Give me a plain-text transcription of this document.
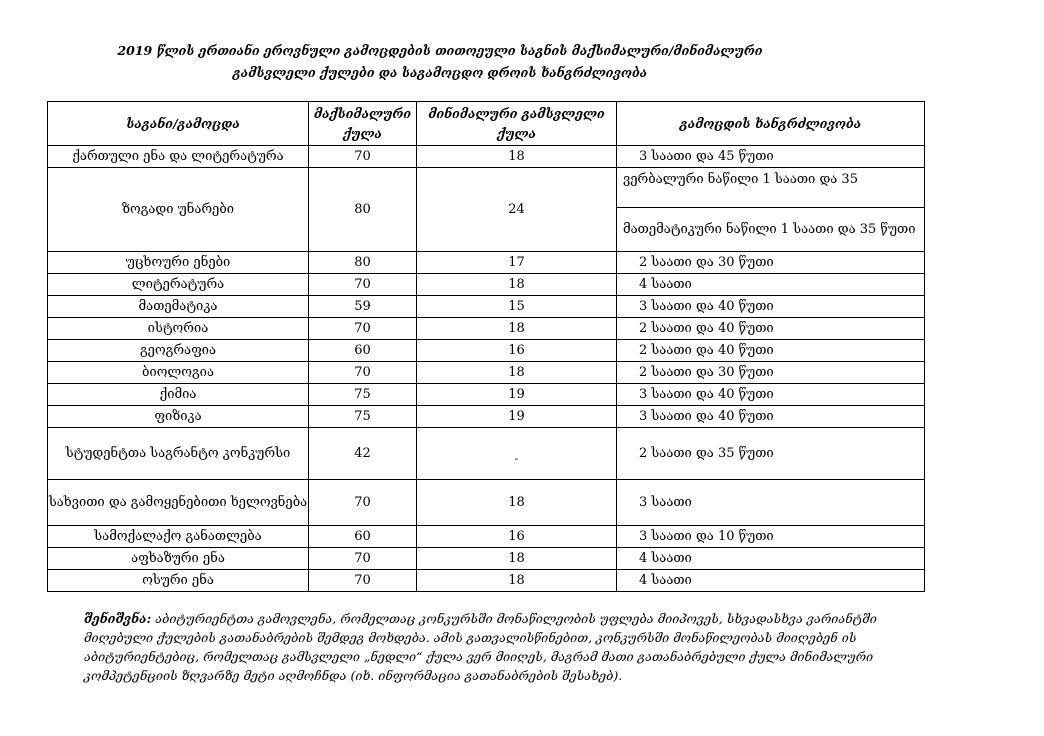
2019 წლის ერთიანი ეროვნული გამოცდების თითოეული საგნის მაქსიმალური/მინიმალური
გამსვლელი ქულები და საგამოცდო დროის ხანგრძლივობა
საგანი/გამოცდა	მაქსიმალური ქულა	მინიმალური გამსვლელი ქულა	გამოცდის ხანგრძლივობა
ქართული ენა და ლიტერატურა	70	18	3 საათი და 45 წუთი
ზოგადი უნარები	80	24	ვერბალური ნაწილი 1 საათი და 35
			მათემატიკური ნაწილი 1 საათი და 35 წუთი
უცხოური ენები	80	17	2 საათი და 30 წუთი
ლიტერატურა	70	18	4 საათი
მათემატიკა	59	15	3 საათი და 40 წუთი
ისტორია	70	18	2 საათი და 40 წუთი
გეოგრაფია	60	16	2 საათი და 40 წუთი
ბიოლოგია	70	18	2 საათი და 30 წუთი
ქიმია	75	19	3 საათი და 40 წუთი
ფიზიკა	75	19	3 საათი და 40 წუთი
სტუდენტთა საგრანტო კონკურსი	42	-	2 საათი და 35 წუთი
სახვითი და გამოყენებითი ხელოვნება	70	18	3 საათი
სამოქალაქო განათლება	60	16	3 საათი და 10 წუთი
აფხაზური ენა	70	18	4 საათი
ოსური ენა	70	18	4 საათი
შენიშვნა: აბიტურიენტთა გამოვლენა, რომელთაც კონკურსში მონაწილეობის უფლება მიიპოვეს, სხვადასხვა ვარიანტში მიღებული ქულების გათანაბრების შემდეგ მოხდება. ამის გათვალისწინებით, კონკურსში მონაწილეობას მიიღებენ ის აბიტურიენტებიც, რომელთაც გამსვლელი „ნედლი“ ქულა ვერ მიიღეს, მაგრამ მათი გათანაბრებული ქულა მინიმალური კომპეტენციის ზღვარზე მეტი აღმოჩნდა (იხ. ინფორმაცია გათანაბრების შესახებ).
